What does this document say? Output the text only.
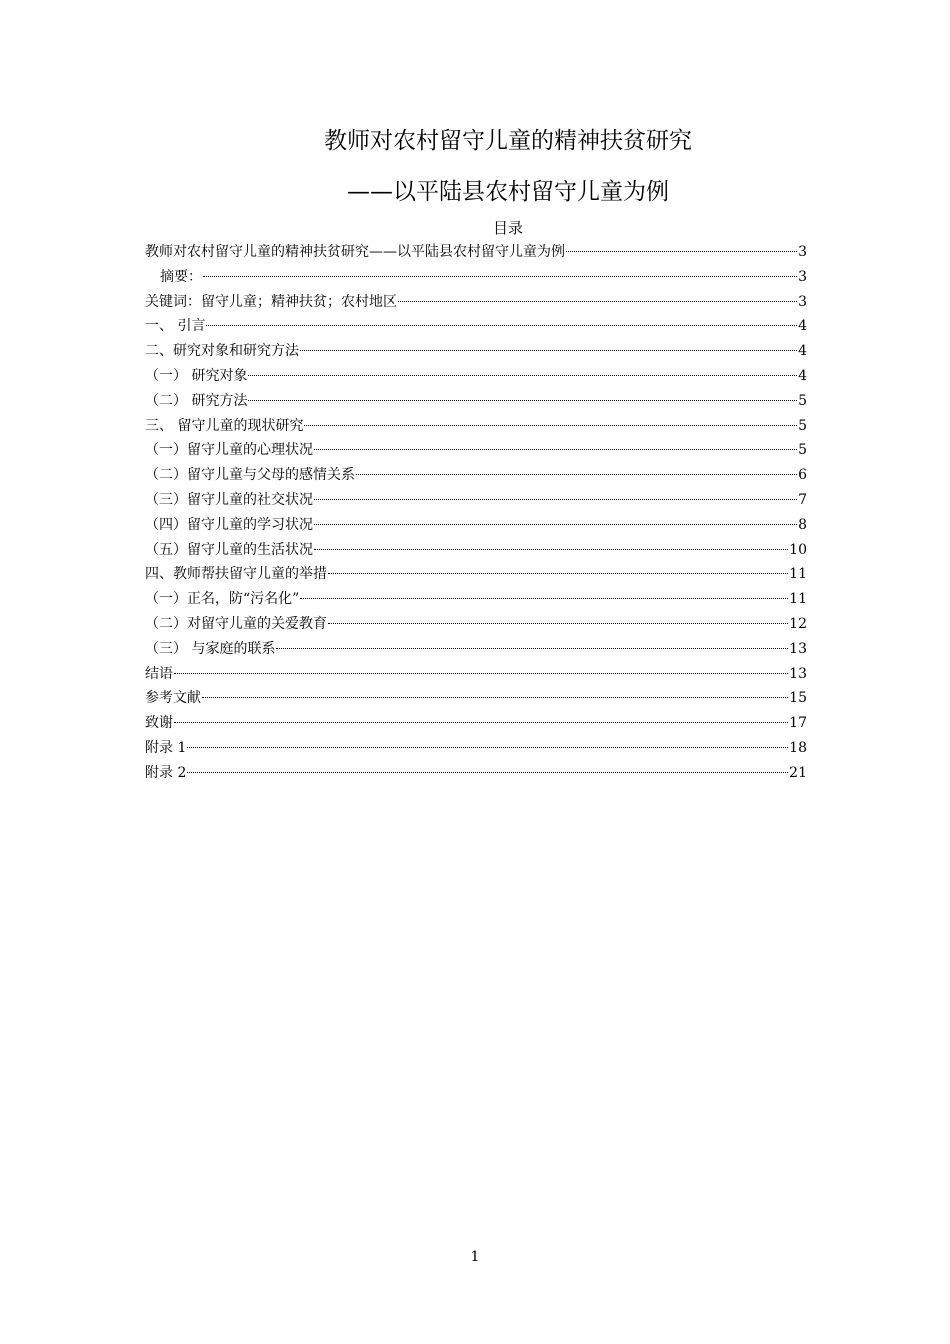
教师对农村留守儿童的精神扶贫研究
——以平陆县农村留守儿童为例
目录
教师对农村留守儿童的精神扶贫研究——以平陆县农村留守儿童为例	3
摘要：	3
关键词：留守儿童；精神扶贫；农村地区	3
一、 引言	4
二、研究对象和研究方法	4
（一） 研究对象	4
（二） 研究方法	5
三、 留守儿童的现状研究	5
（一）留守儿童的心理状况	5
（二）留守儿童与父母的感情关系	6
（三）留守儿童的社交状况	7
（四）留守儿童的学习状况	8
（五）留守儿童的生活状况	10
四、教师帮扶留守儿童的举措	11
（一）正名，防“污名化”	11
（二）对留守儿童的关爱教育	12
（三） 与家庭的联系	13
结语	13
参考文献	15
致谢	17
附录 1	18
附录 2	21
1
